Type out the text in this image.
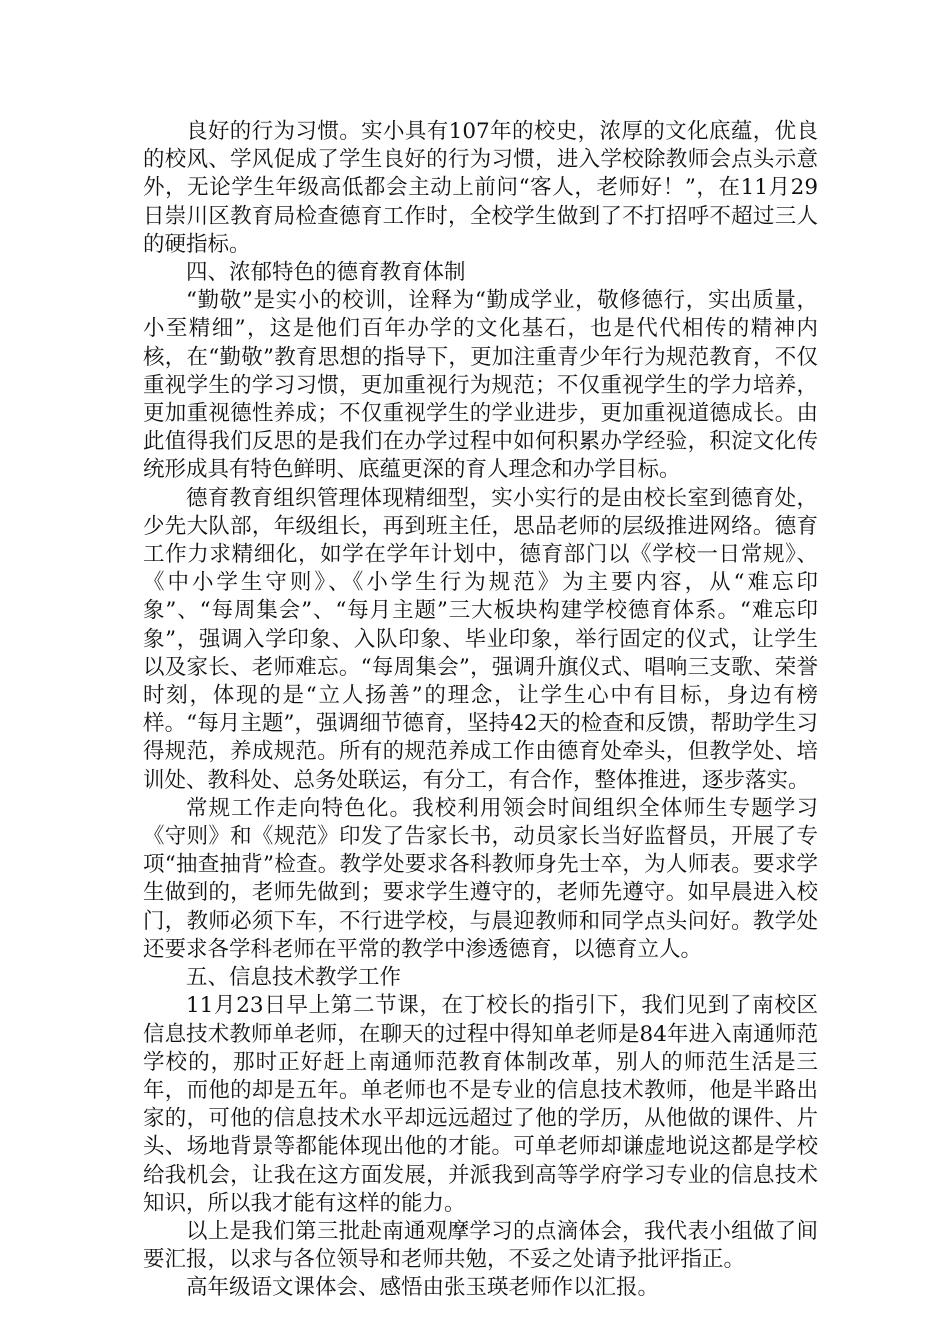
良好的行为习惯。实小具有107年的校史，浓厚的文化底蕴，优良的校风、学风促成了学生良好的行为习惯，进入学校除教师会点头示意外，无论学生年级高低都会主动上前问“客人，老师好！”，在11月29日崇川区教育局检查德育工作时，全校学生做到了不打招呼不超过三人的硬指标。

四、浓郁特色的德育教育体制

“勤敬”是实小的校训，诠释为“勤成学业，敬修德行，实出质量，小至精细”，这是他们百年办学的文化基石，也是代代相传的精神内核，在“勤敬”教育思想的指导下，更加注重青少年行为规范教育，不仅重视学生的学习习惯，更加重视行为规范；不仅重视学生的学力培养，更加重视德性养成；不仅重视学生的学业进步，更加重视道德成长。由此值得我们反思的是我们在办学过程中如何积累办学经验，积淀文化传统形成具有特色鲜明、底蕴更深的育人理念和办学目标。

德育教育组织管理体现精细型，实小实行的是由校长室到德育处，少先大队部，年级组长，再到班主任，思品老师的层级推进网络。德育工作力求精细化，如学在学年计划中，德育部门以《学校一日常规》、《中小学生守则》、《小学生行为规范》为主要内容，从“难忘印象”、“每周集会”、“每月主题”三大板块构建学校德育体系。“难忘印象”，强调入学印象、入队印象、毕业印象，举行固定的仪式，让学生以及家长、老师难忘。“每周集会”，强调升旗仪式、唱响三支歌、荣誉时刻，体现的是“立人扬善”的理念，让学生心中有目标，身边有榜样。“每月主题”，强调细节德育，坚持42天的检查和反馈，帮助学生习得规范，养成规范。所有的规范养成工作由德育处牵头，但教学处、培训处、教科处、总务处联运，有分工，有合作，整体推进，逐步落实。

常规工作走向特色化。我校利用领会时间组织全体师生专题学习《守则》和《规范》印发了告家长书，动员家长当好监督员，开展了专项“抽查抽背”检查。教学处要求各科教师身先士卒，为人师表。要求学生做到的，老师先做到；要求学生遵守的，老师先遵守。如早晨进入校门，教师必须下车，不行进学校，与晨迎教师和同学点头问好。教学处还要求各学科老师在平常的教学中渗透德育，以德育立人。

五、信息技术教学工作

11月23日早上第二节课，在丁校长的指引下，我们见到了南校区信息技术教师单老师，在聊天的过程中得知单老师是84年进入南通师范学校的，那时正好赶上南通师范教育体制改革，别人的师范生活是三年，而他的却是五年。单老师也不是专业的信息技术教师，他是半路出家的，可他的信息技术水平却远远超过了他的学历，从他做的课件、片头、场地背景等都能体现出他的才能。可单老师却谦虚地说这都是学校给我机会，让我在这方面发展，并派我到高等学府学习专业的信息技术知识，所以我才能有这样的能力。

以上是我们第三批赴南通观摩学习的点滴体会，我代表小组做了间要汇报，以求与各位领导和老师共勉，不妥之处请予批评指正。

高年级语文课体会、感悟由张玉瑛老师作以汇报。
